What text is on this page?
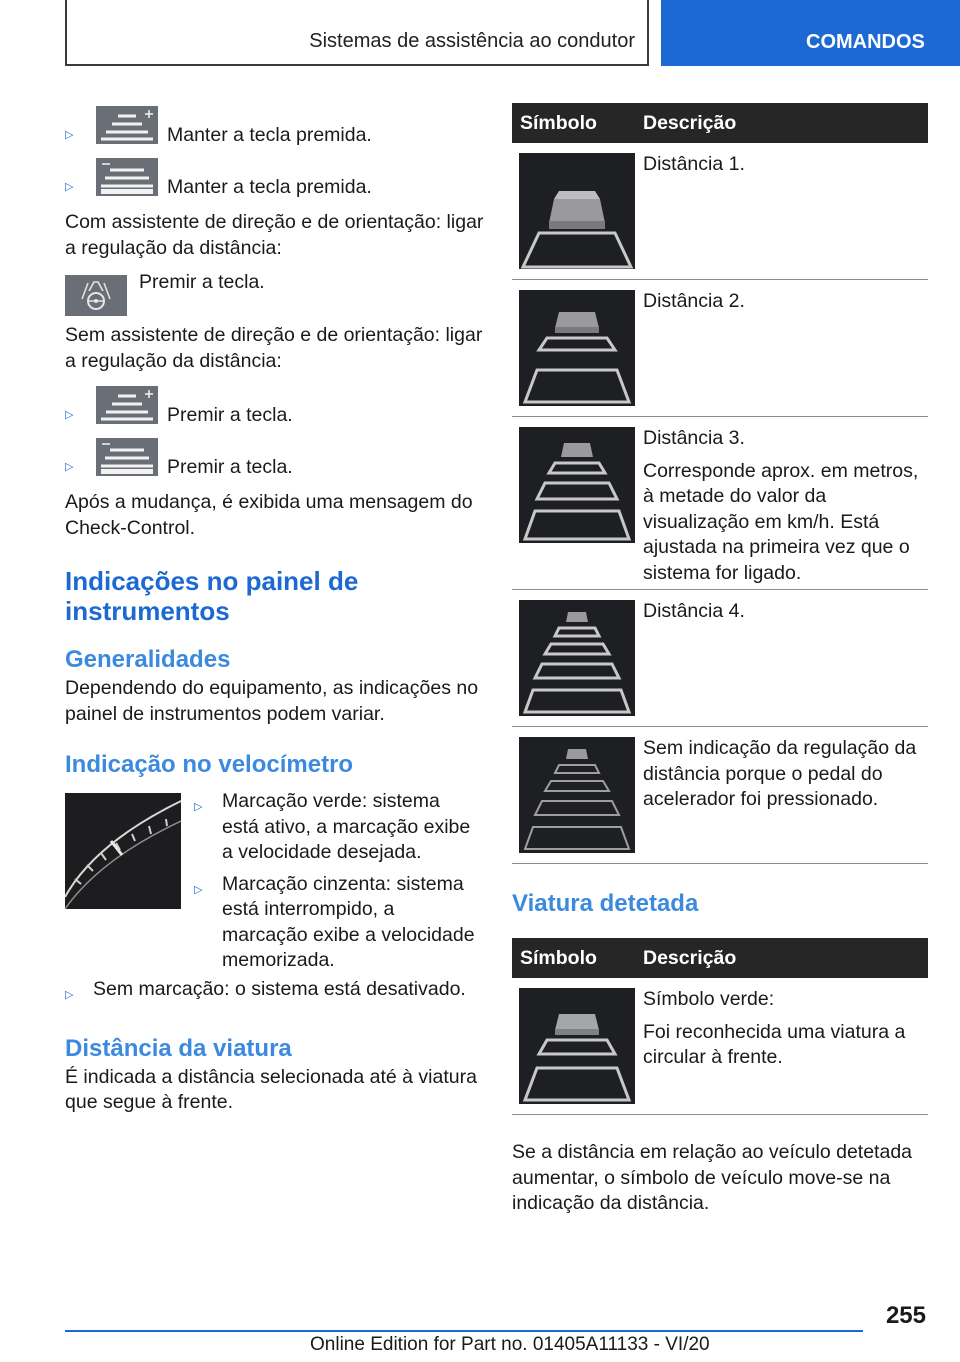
Sistemas de assistência ao condutor	COMANDOS
▷	Manter a tecla premida.
▷	Manter a tecla premida.

Com assistente de direção e de orientação: ligar a regulação da distância:

Premir a tecla.

Sem assistente de direção e de orientação: ligar a regulação da distância:

▷	Premir a tecla.
▷	Premir a tecla.

Após a mudança, é exibida uma mensagem do Check-Control.

Indicações no painel de instrumentos
Generalidades

Dependendo do equipamento, as indicações no painel de instrumentos podem variar.

Indicação no velocímetro
▷ Marcação verde: sistema está ativo, a marcação exibe a velocidade desejada.
▷ Marcação cinzenta: sistema está interrompido, a marcação exibe a velocidade memorizada.
▷ Sem marcação: o sistema está desativado.
Distância da viatura

É indicada a distância selecionada até à viatura que segue à frente.

Símbolo	Descrição

Distância 1.

Distância 2.

Distância 3.

Corresponde aprox. em metros, à metade do valor da visualização em km/h. Está ajustada na primeira vez que o sistema for ligado.

Distância 4.

Sem indicação da regulação da distância porque o pedal do acelerador foi pressionado.

Viatura detetada
Símbolo	Descrição

Símbolo verde:

Foi reconhecida uma viatura a circular à frente.

Se a distância em relação ao veículo detetada aumentar, o símbolo de veículo move-se na indicação da distância.

255
Online Edition for Part no. 01405A11133 - VI/20
